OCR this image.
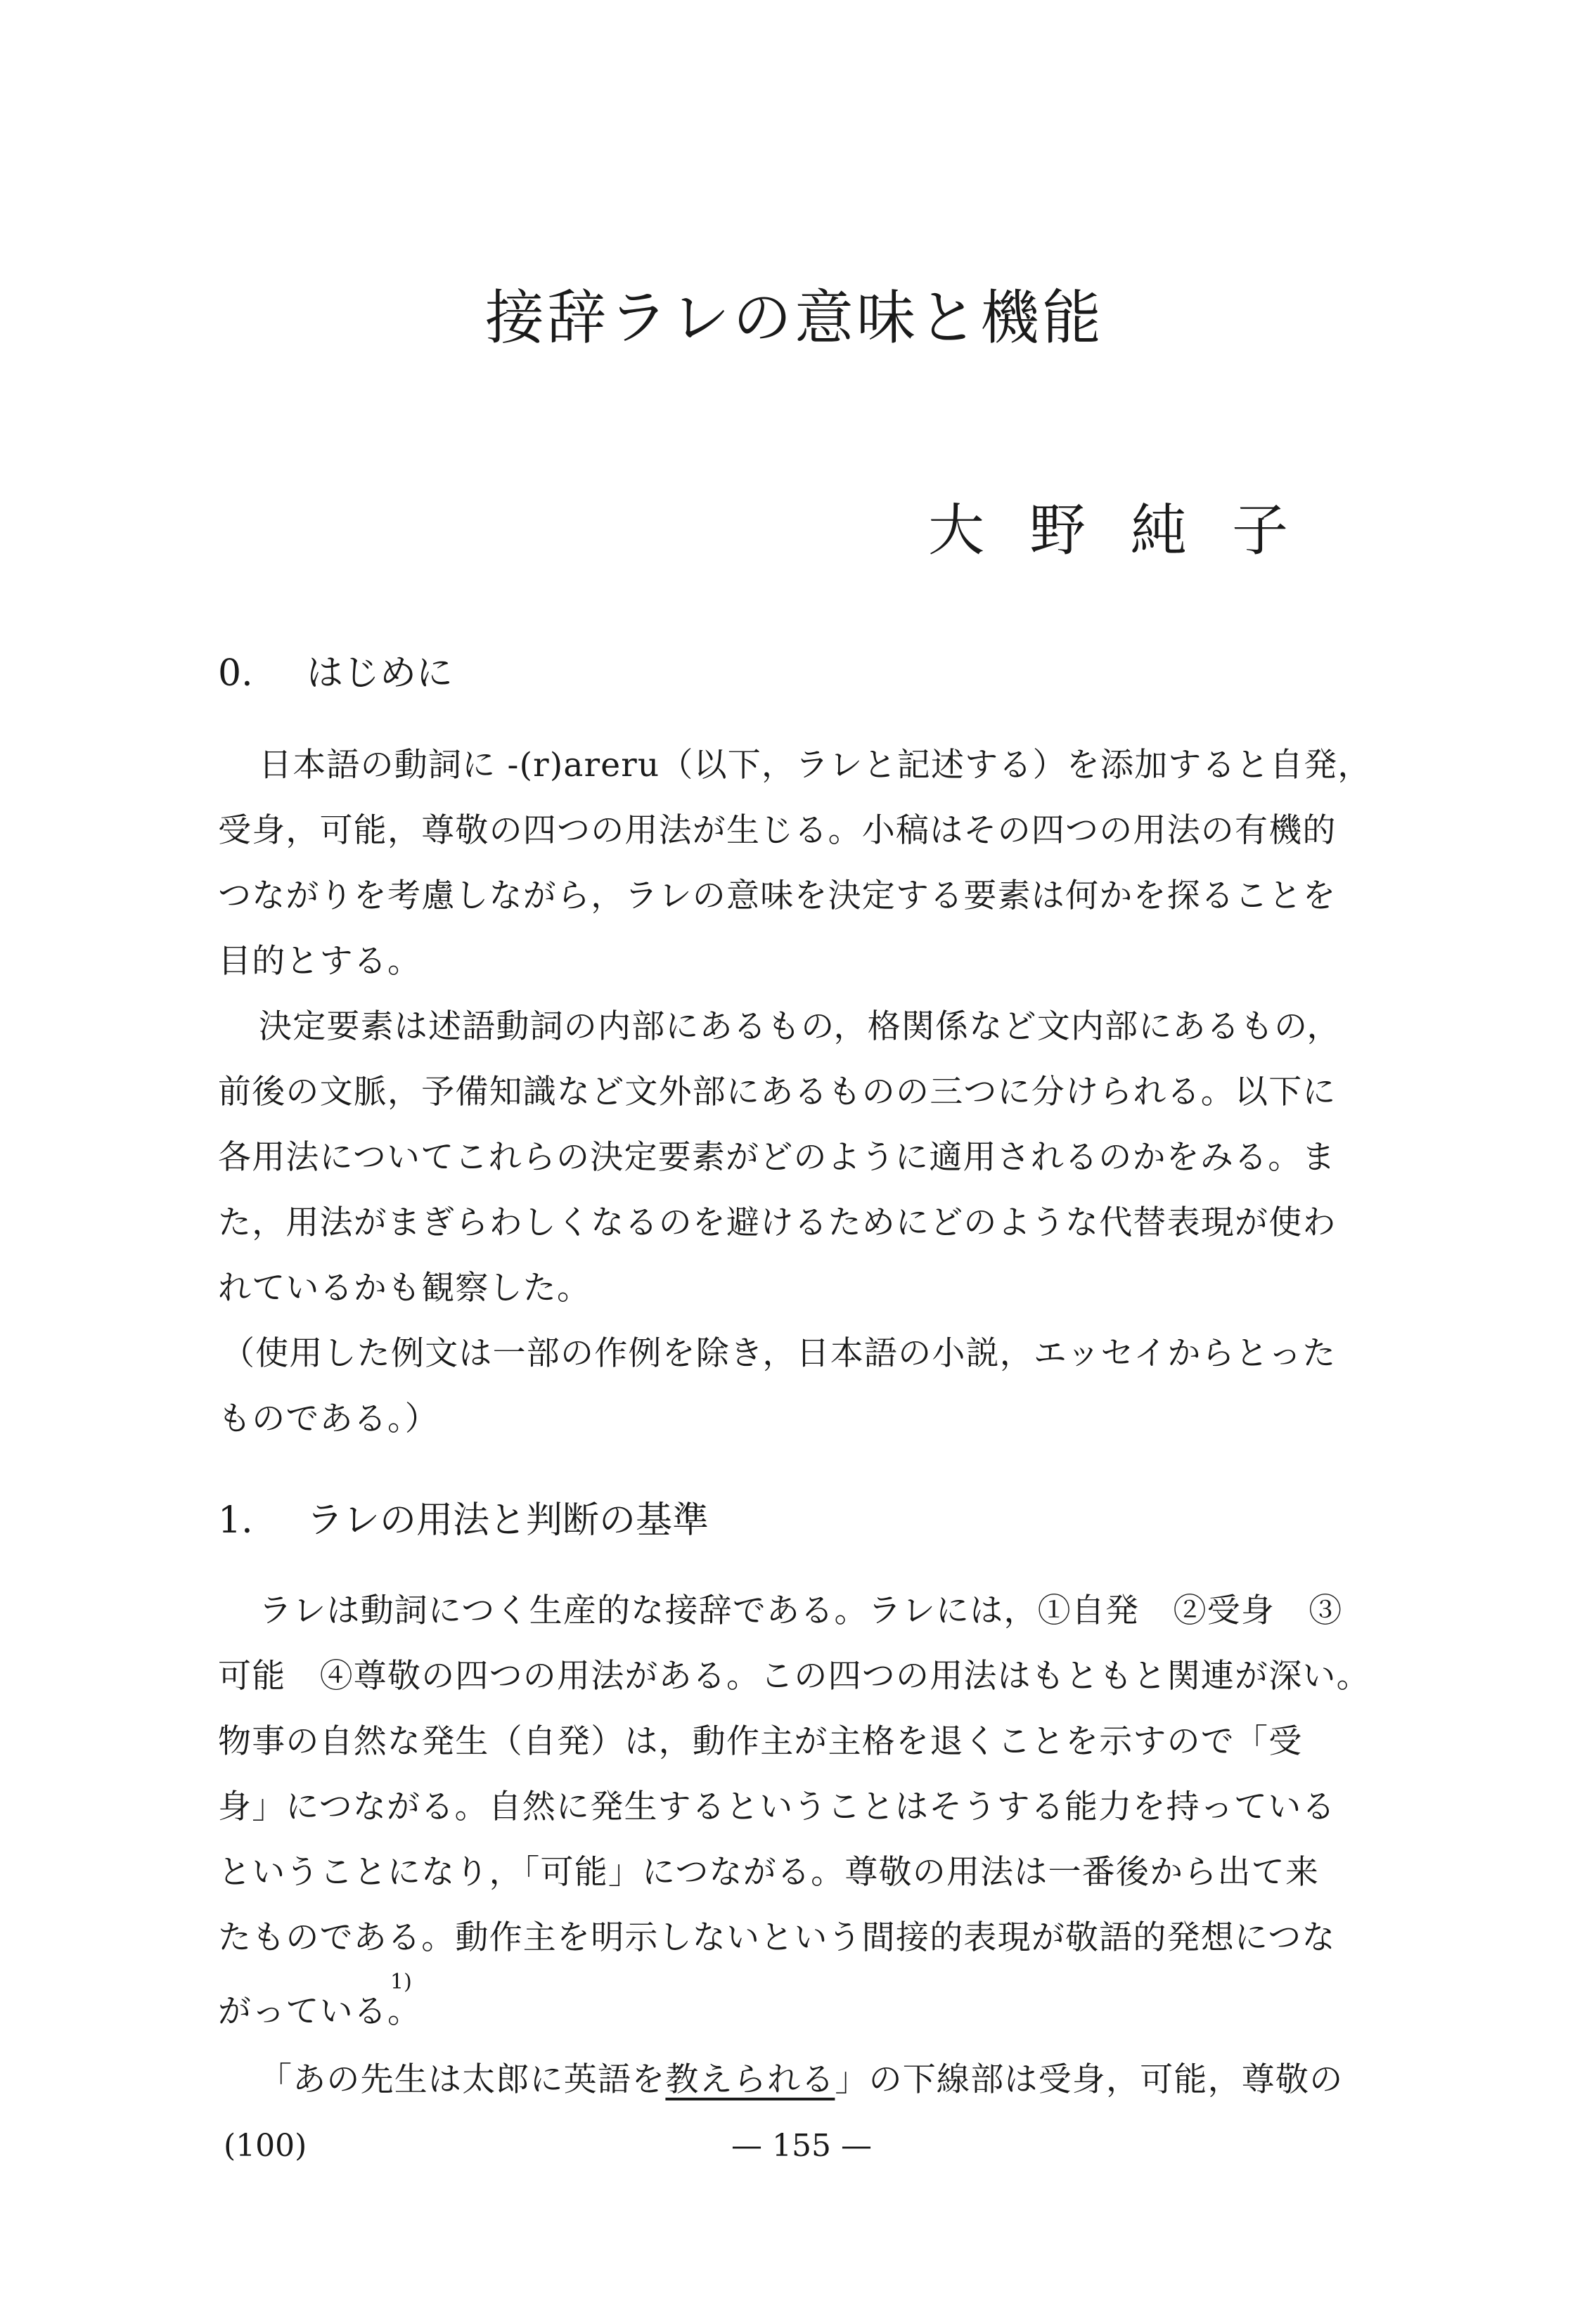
接辞ラレの意味と機能
大野純子
0. はじめに
日本語の動詞に -(r)areru（以下，ラレと記述する）を添加すると自発，
受身，可能，尊敬の四つの用法が生じる。小稿はその四つの用法の有機的
つながりを考慮しながら，ラレの意味を決定する要素は何かを探ることを
目的とする。
決定要素は述語動詞の内部にあるもの，格関係など文内部にあるもの，
前後の文脈，予備知識など文外部にあるものの三つに分けられる。以下に
各用法についてこれらの決定要素がどのように適用されるのかをみる。ま
た，用法がまぎらわしくなるのを避けるためにどのような代替表現が使わ
れているかも観察した。
（使用した例文は一部の作例を除き，日本語の小説，エッセイからとった
ものである。）
1. ラレの用法と判断の基準
ラレは動詞につく生産的な接辞である。ラレには，①自発　②受身　③
可能　④尊敬の四つの用法がある。この四つの用法はもともと関連が深い。
物事の自然な発生（自発）は，動作主が主格を退くことを示すので「受
身」につながる。自然に発生するということはそうする能力を持っている
ということになり，「可能」につながる。尊敬の用法は一番後から出て来
たものである。動作主を明示しないという間接的表現が敬語的発想につな
1)
がっている。
「あの先生は太郎に英語を教えられる」の下線部は受身，可能，尊敬の
(100)	— 155 —
